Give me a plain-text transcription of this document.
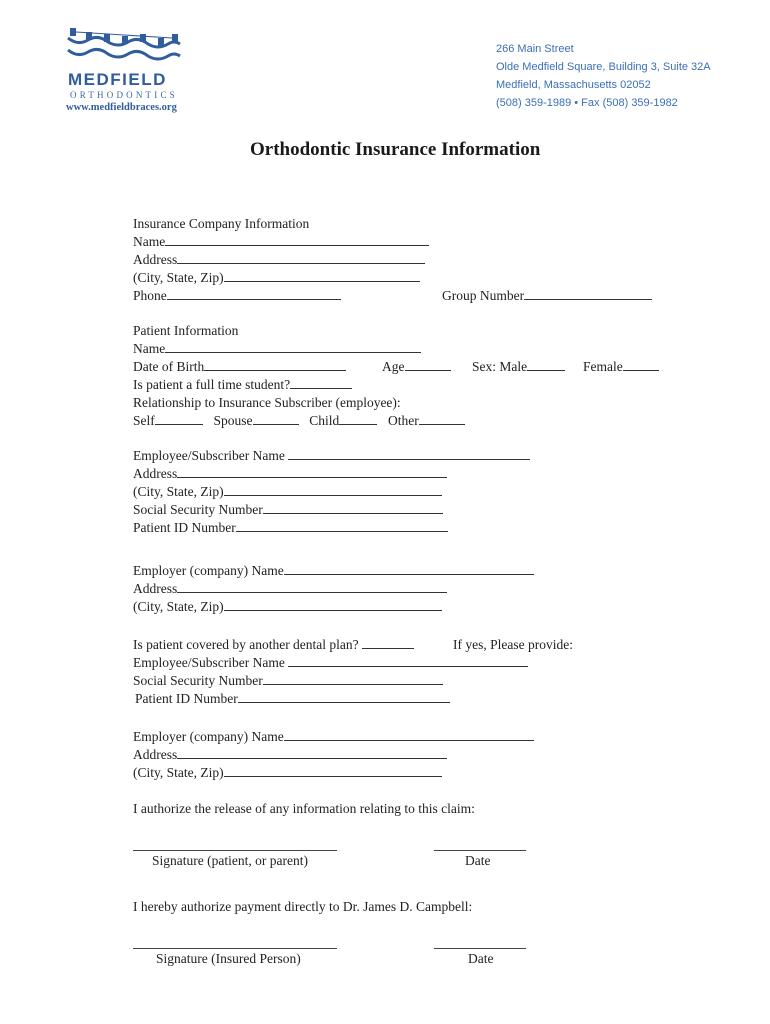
MEDFIELD
ORTHODONTICS
www.medfieldbraces.org
266 Main Street
Olde Medfield Square, Building 3, Suite 32A
Medfield, Massachusetts 02052
(508) 359-1989 • Fax (508) 359-1982
Orthodontic Insurance Information
Insurance Company Information
Name
Address
(City, State, Zip)
Phone	Group Number
Patient Information
Name
Date of Birth	Age	Sex: Male	Female
Is patient a full time student?
Relationship to Insurance Subscriber (employee):
Self	Spouse	Child	Other
Employee/Subscriber Name
Address
(City, State, Zip)
Social Security Number
Patient ID Number
Employer (company) Name
Address
(City, State, Zip)
Is patient covered by another dental plan?	If yes, Please provide:
Employee/Subscriber Name
Social Security Number
Patient ID Number
Employer (company) Name
Address
(City, State, Zip)
I authorize the release of any information relating to this claim:
Signature (patient, or parent)	Date
I hereby authorize payment directly to Dr. James D. Campbell:
Signature (Insured Person)	Date
